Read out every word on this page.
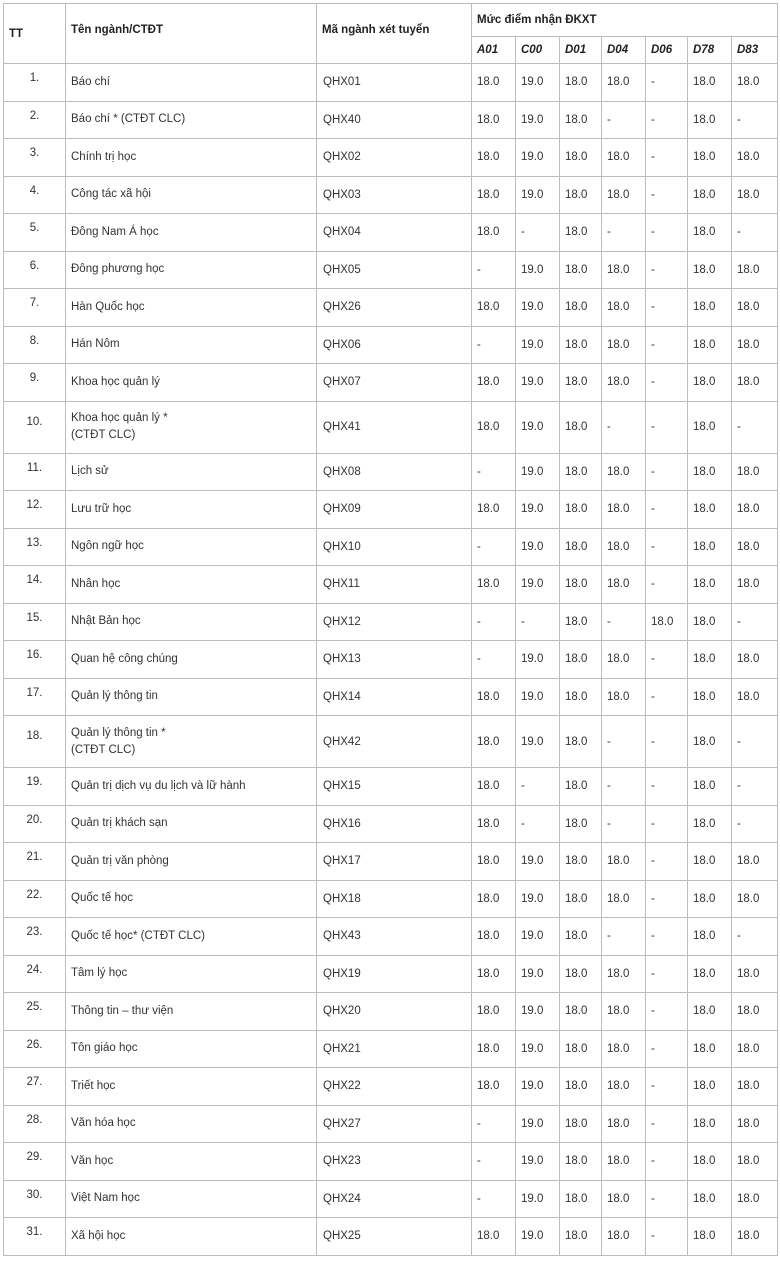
TT	Tên ngành/CTĐT	Mã ngành xét tuyển	Mức điểm nhận ĐKXT						
			A01	C00	D01	D04	D06	D78	D83
1.	Báo chí	QHX01	18.0	19.0	18.0	18.0	-	18.0	18.0
2.	Báo chí * (CTĐT CLC)	QHX40	18.0	19.0	18.0	-	-	18.0	-
3.	Chính trị học	QHX02	18.0	19.0	18.0	18.0	-	18.0	18.0
4.	Công tác xã hội	QHX03	18.0	19.0	18.0	18.0	-	18.0	18.0
5.	Đông Nam Á học	QHX04	18.0	-	18.0	-	-	18.0	-
6.	Đông phương học	QHX05	-	19.0	18.0	18.0	-	18.0	18.0
7.	Hàn Quốc học	QHX26	18.0	19.0	18.0	18.0	-	18.0	18.0
8.	Hán Nôm	QHX06	-	19.0	18.0	18.0	-	18.0	18.0
9.	Khoa học quản lý	QHX07	18.0	19.0	18.0	18.0	-	18.0	18.0
10.	Khoa học quản lý *
(CTĐT CLC)	QHX41	18.0	19.0	18.0	-	-	18.0	-
11.	Lịch sử	QHX08	-	19.0	18.0	18.0	-	18.0	18.0
12.	Lưu trữ học	QHX09	18.0	19.0	18.0	18.0	-	18.0	18.0
13.	Ngôn ngữ học	QHX10	-	19.0	18.0	18.0	-	18.0	18.0
14.	Nhân học	QHX11	18.0	19.0	18.0	18.0	-	18.0	18.0
15.	Nhật Bản học	QHX12	-	-	18.0	-	18.0	18.0	-
16.	Quan hệ công chúng	QHX13	-	19.0	18.0	18.0	-	18.0	18.0
17.	Quản lý thông tin	QHX14	18.0	19.0	18.0	18.0	-	18.0	18.0
18.	Quản lý thông tin *
(CTĐT CLC)	QHX42	18.0	19.0	18.0	-	-	18.0	-
19.	Quản trị dịch vụ du lịch và lữ hành	QHX15	18.0	-	18.0	-	-	18.0	-
20.	Quản trị khách sạn	QHX16	18.0	-	18.0	-	-	18.0	-
21.	Quản trị văn phòng	QHX17	18.0	19.0	18.0	18.0	-	18.0	18.0
22.	Quốc tế học	QHX18	18.0	19.0	18.0	18.0	-	18.0	18.0
23.	Quốc tế học* (CTĐT CLC)	QHX43	18.0	19.0	18.0	-	-	18.0	-
24.	Tâm lý học	QHX19	18.0	19.0	18.0	18.0	-	18.0	18.0
25.	Thông tin – thư viện	QHX20	18.0	19.0	18.0	18.0	-	18.0	18.0
26.	Tôn giáo học	QHX21	18.0	19.0	18.0	18.0	-	18.0	18.0
27.	Triết học	QHX22	18.0	19.0	18.0	18.0	-	18.0	18.0
28.	Văn hóa học	QHX27	-	19.0	18.0	18.0	-	18.0	18.0
29.	Văn học	QHX23	-	19.0	18.0	18.0	-	18.0	18.0
30.	Việt Nam học	QHX24	-	19.0	18.0	18.0	-	18.0	18.0
31.	Xã hội học	QHX25	18.0	19.0	18.0	18.0	-	18.0	18.0
